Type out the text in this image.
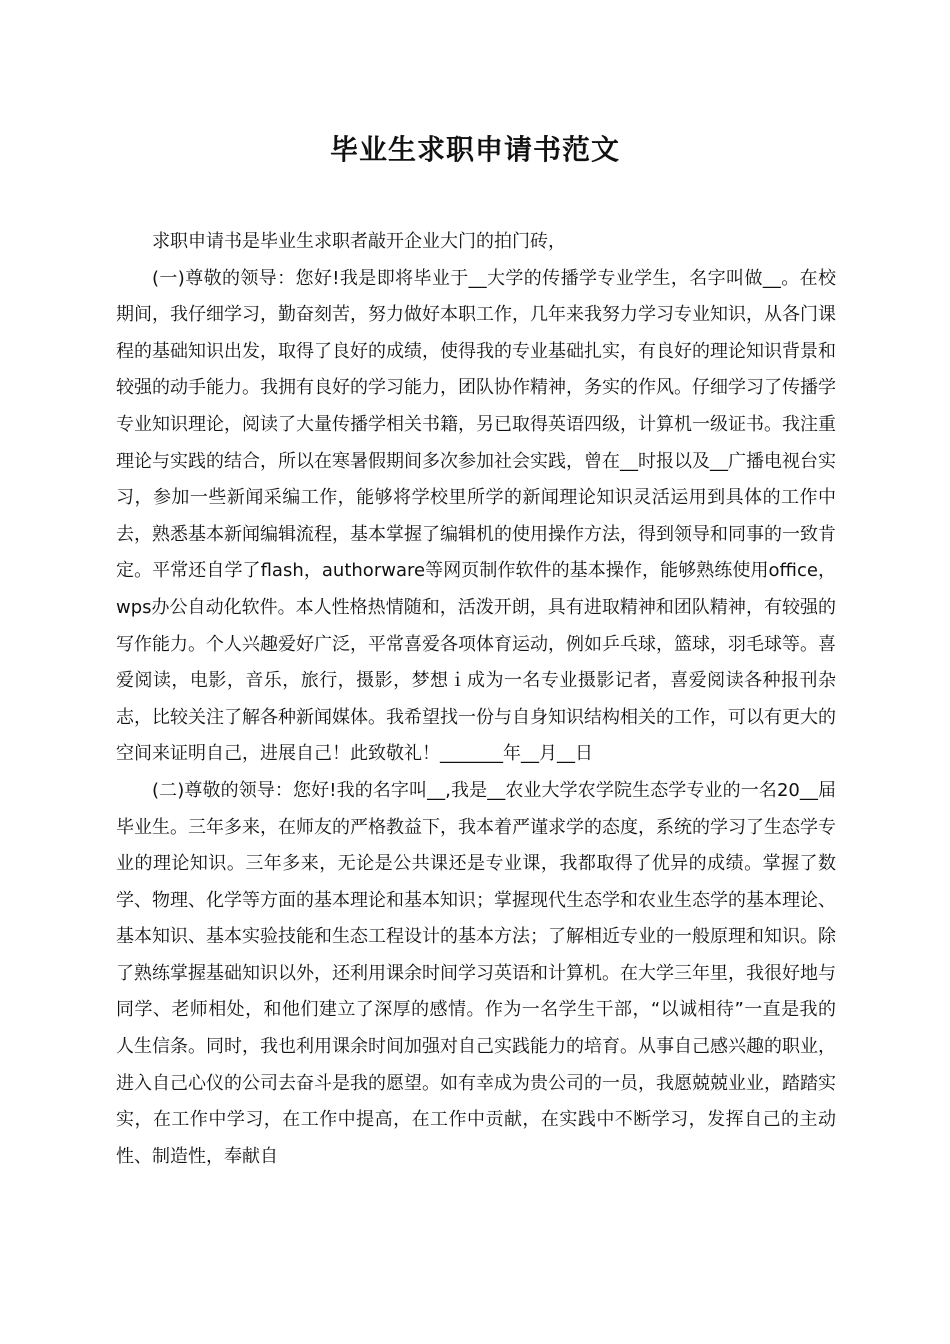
毕业生求职申请书范文

求职申请书是毕业生求职者敲开企业大门的拍门砖，

(一)尊敬的领导：您好!我是即将毕业于__大学的传播学专业学生，名字叫做__。在校期间，我仔细学习，勤奋刻苦，努力做好本职工作，几年来我努力学习专业知识，从各门课程的基础知识出发，取得了良好的成绩，使得我的专业基础扎实，有良好的理论知识背景和较强的动手能力。我拥有良好的学习能力，团队协作精神，务实的作风。仔细学习了传播学专业知识理论，阅读了大量传播学相关书籍，另已取得英语四级，计算机一级证书。我注重理论与实践的结合，所以在寒暑假期间多次参加社会实践，曾在__时报以及__广播电视台实习，参加一些新闻采编工作，能够将学校里所学的新闻理论知识灵活运用到具体的工作中去，熟悉基本新闻编辑流程，基本掌握了编辑机的使用操作方法，得到领导和同事的一致肯定。平常还自学了flash，authorware等网页制作软件的基本操作，能够熟练使用office，wps办公自动化软件。本人性格热情随和，活泼开朗，具有进取精神和团队精神，有较强的写作能力。个人兴趣爱好广泛，平常喜爱各项体育运动，例如乒乓球，篮球，羽毛球等。喜爱阅读，电影，音乐，旅行，摄影，梦想ｉ成为一名专业摄影记者，喜爱阅读各种报刊杂志，比较关注了解各种新闻媒体。我希望找一份与自身知识结构相关的工作，可以有更大的空间来证明自己，进展自己！此致敬礼！_______年__月__日

(二)尊敬的领导：您好!我的名字叫__,我是__农业大学农学院生态学专业的一名20__届毕业生。三年多来，在师友的严格教益下，我本着严谨求学的态度，系统的学习了生态学专业的理论知识。三年多来，无论是公共课还是专业课，我都取得了优异的成绩。掌握了数学、物理、化学等方面的基本理论和基本知识；掌握现代生态学和农业生态学的基本理论、基本知识、基本实验技能和生态工程设计的基本方法；了解相近专业的一般原理和知识。除了熟练掌握基础知识以外，还利用课余时间学习英语和计算机。在大学三年里，我很好地与同学、老师相处，和他们建立了深厚的感情。作为一名学生干部，“以诚相待”一直是我的人生信条。同时，我也利用课余时间加强对自己实践能力的培育。从事自己感兴趣的职业，进入自己心仪的公司去奋斗是我的愿望。如有幸成为贵公司的一员，我愿兢兢业业，踏踏实实，在工作中学习，在工作中提高，在工作中贡献，在实践中不断学习，发挥自己的主动性、制造性，奉献自
